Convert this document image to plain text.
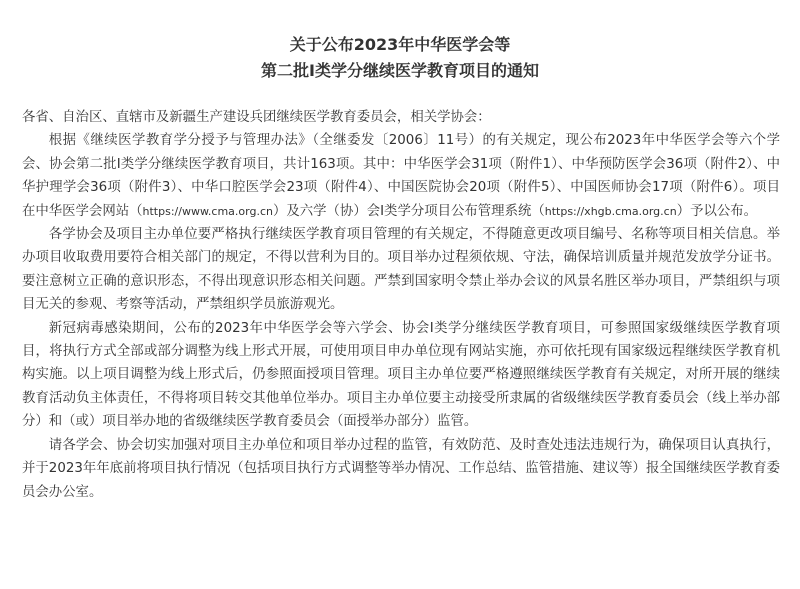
关于公布2023年中华医学会等
第二批Ⅰ类学分继续医学教育项目的通知

各省、自治区、直辖市及新疆生产建设兵团继续医学教育委员会，相关学协会：

根据《继续医学教育学分授予与管理办法》（全继委发〔2006〕11号）的有关规定，现公布2023年中华医学会等六个学会、协会第二批Ⅰ类学分继续医学教育项目，共计163项。其中：中华医学会31项（附件1）、中华预防医学会36项（附件2）、中华护理学会36项（附件3）、中华口腔医学会23项（附件4）、中国医院协会20项（附件5）、中国医师协会17项（附件6）。项目在中华医学会网站（https://www.cma.org.cn）及六学（协）会Ⅰ类学分项目公布管理系统（https://xhgb.cma.org.cn）予以公布。

各学协会及项目主办单位要严格执行继续医学教育项目管理的有关规定，不得随意更改项目编号、名称等项目相关信息。举办项目收取费用要符合相关部门的规定，不得以营利为目的。项目举办过程须依规、守法，确保培训质量并规范发放学分证书。要注意树立正确的意识形态，不得出现意识形态相关问题。严禁到国家明令禁止举办会议的风景名胜区举办项目，严禁组织与项目无关的参观、考察等活动，严禁组织学员旅游观光。

新冠病毒感染期间，公布的2023年中华医学会等六学会、协会Ⅰ类学分继续医学教育项目，可参照国家级继续医学教育项目，将执行方式全部或部分调整为线上形式开展，可使用项目申办单位现有网站实施，亦可依托现有国家级远程继续医学教育机构实施。以上项目调整为线上形式后，仍参照面授项目管理。项目主办单位要严格遵照继续医学教育有关规定，对所开展的继续教育活动负主体责任，不得将项目转交其他单位举办。项目主办单位要主动接受所隶属的省级继续医学教育委员会（线上举办部分）和（或）项目举办地的省级继续医学教育委员会（面授举办部分）监管。

请各学会、协会切实加强对项目主办单位和项目举办过程的监管，有效防范、及时查处违法违规行为，确保项目认真执行，并于2023年年底前将项目执行情况（包括项目执行方式调整等举办情况、工作总结、监管措施、建议等）报全国继续医学教育委员会办公室。
